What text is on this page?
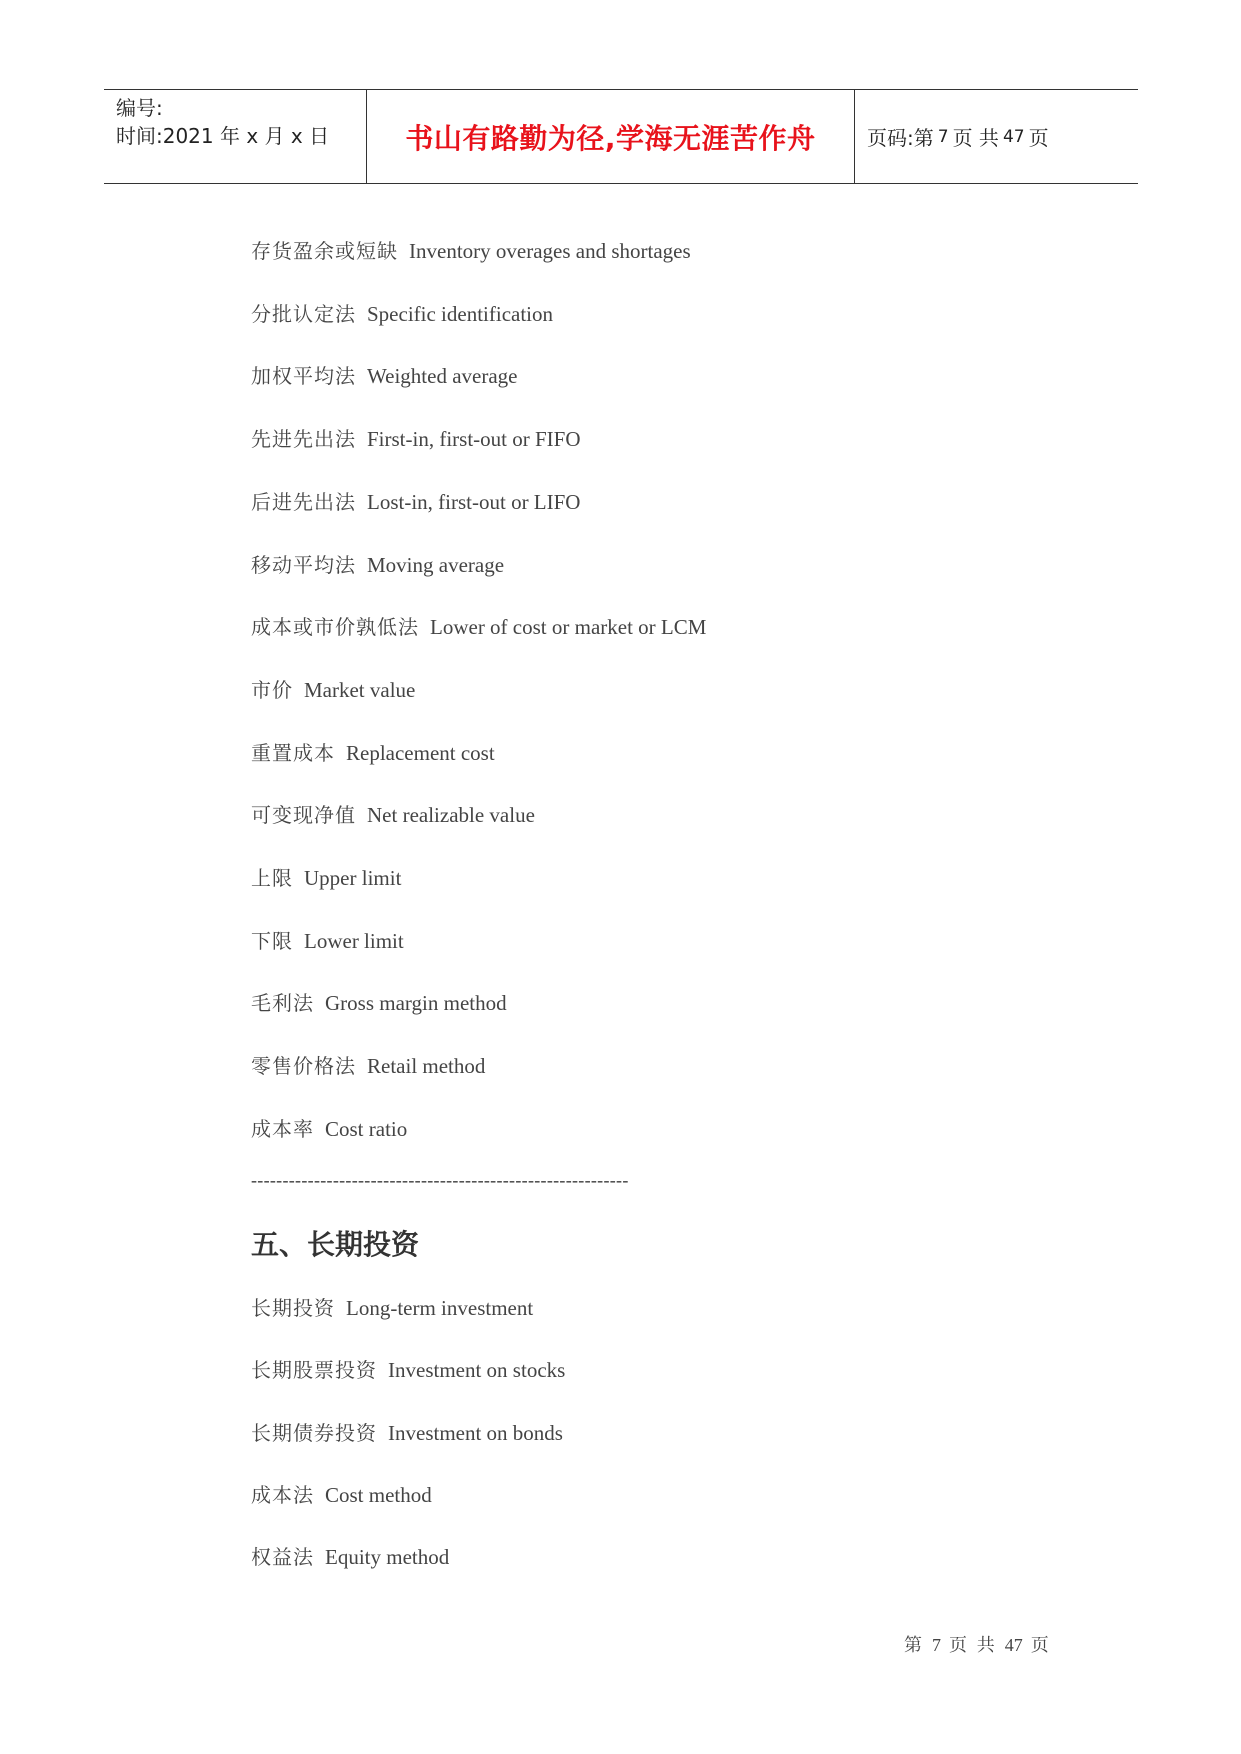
编号:
时间:2021 年 x 月 x 日	书山有路勤为径,学海无涯苦作舟	页码:第 7 页 共 47 页
存货盈余或短缺 Inventory overages and shortages
分批认定法 Specific identification
加权平均法 Weighted average
先进先出法 First-in, first-out or FIFO
后进先出法 Lost-in, first-out or LIFO
移动平均法 Moving average
成本或市价孰低法 Lower of cost or market or LCM
市价 Market value
重置成本 Replacement cost
可变现净值 Net realizable value
上限 Upper limit
下限 Lower limit
毛利法 Gross margin method
零售价格法 Retail method
成本率 Cost ratio
------------------------------------------------------------
五、长期投资
长期投资 Long-term investment
长期股票投资 Investment on stocks
长期债券投资 Investment on bonds
成本法 Cost method
权益法 Equity method
第 7 页 共 47 页
